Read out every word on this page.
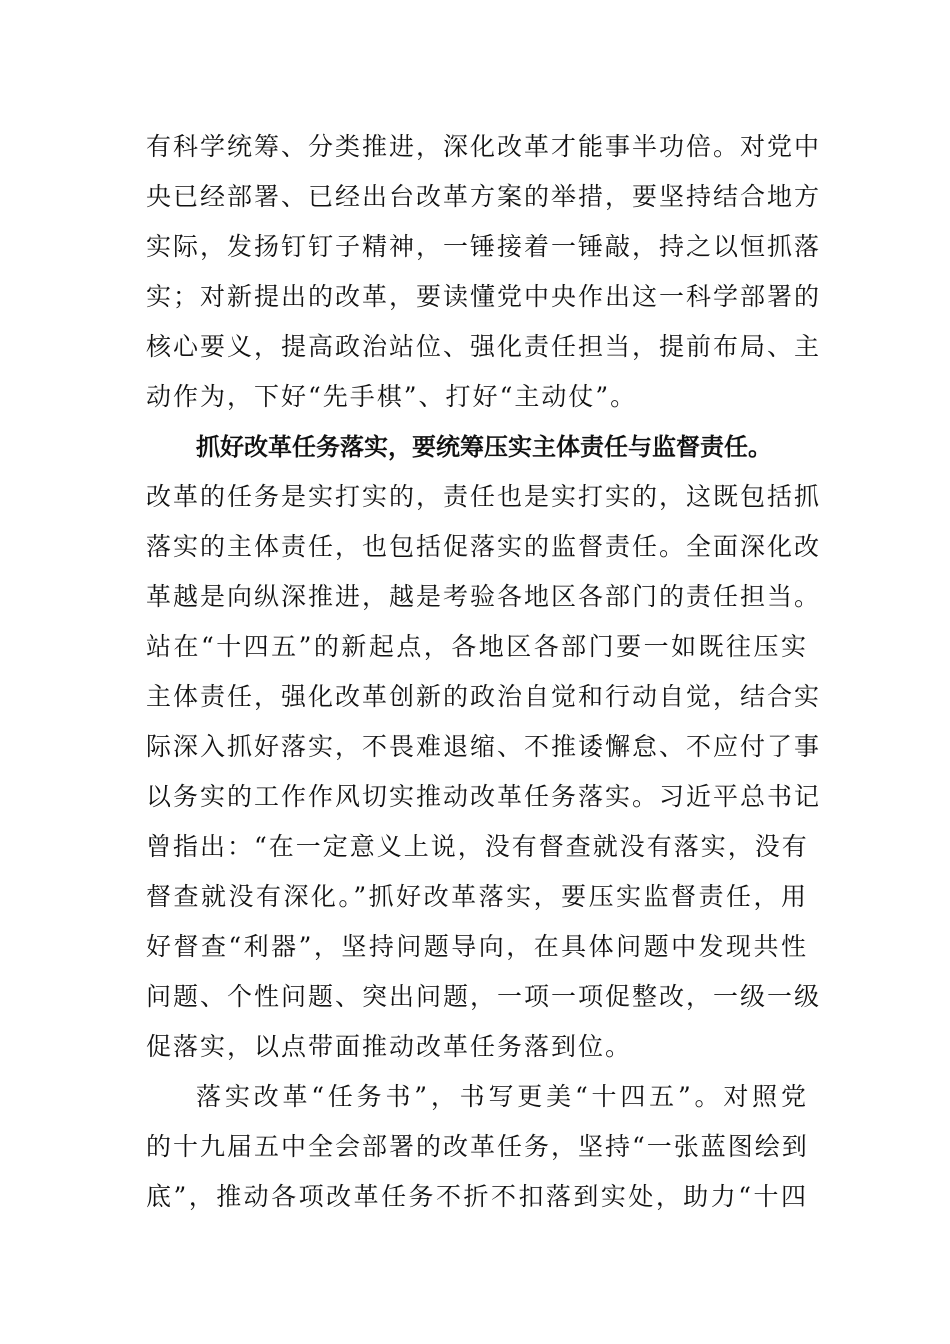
有科学统筹、分类推进，深化改革才能事半功倍。对党中
央已经部署、已经出台改革方案的举措，要坚持结合地方
实际，发扬钉钉子精神，一锤接着一锤敲，持之以恒抓落
实；对新提出的改革，要读懂党中央作出这一科学部署的
核心要义，提高政治站位、强化责任担当，提前布局、主
动作为，下好“先手棋”、打好“主动仗”。
抓好改革任务落实，要统筹压实主体责任与监督责任。
改革的任务是实打实的，责任也是实打实的，这既包括抓
落实的主体责任，也包括促落实的监督责任。全面深化改
革越是向纵深推进，越是考验各地区各部门的责任担当。
站在“十四五”的新起点，各地区各部门要一如既往压实
主体责任，强化改革创新的政治自觉和行动自觉，结合实
际深入抓好落实，不畏难退缩、不推诿懈怠、不应付了事
以务实的工作作风切实推动改革任务落实。习近平总书记
曾指出：“在一定意义上说，没有督查就没有落实，没有
督查就没有深化。”抓好改革落实，要压实监督责任，用
好督查“利器”，坚持问题导向，在具体问题中发现共性
问题、个性问题、突出问题，一项一项促整改，一级一级
促落实，以点带面推动改革任务落到位。
落实改革“任务书”，书写更美“十四五”。对照党
的十九届五中全会部署的改革任务，坚持“一张蓝图绘到
底”，推动各项改革任务不折不扣落到实处，助力“十四
